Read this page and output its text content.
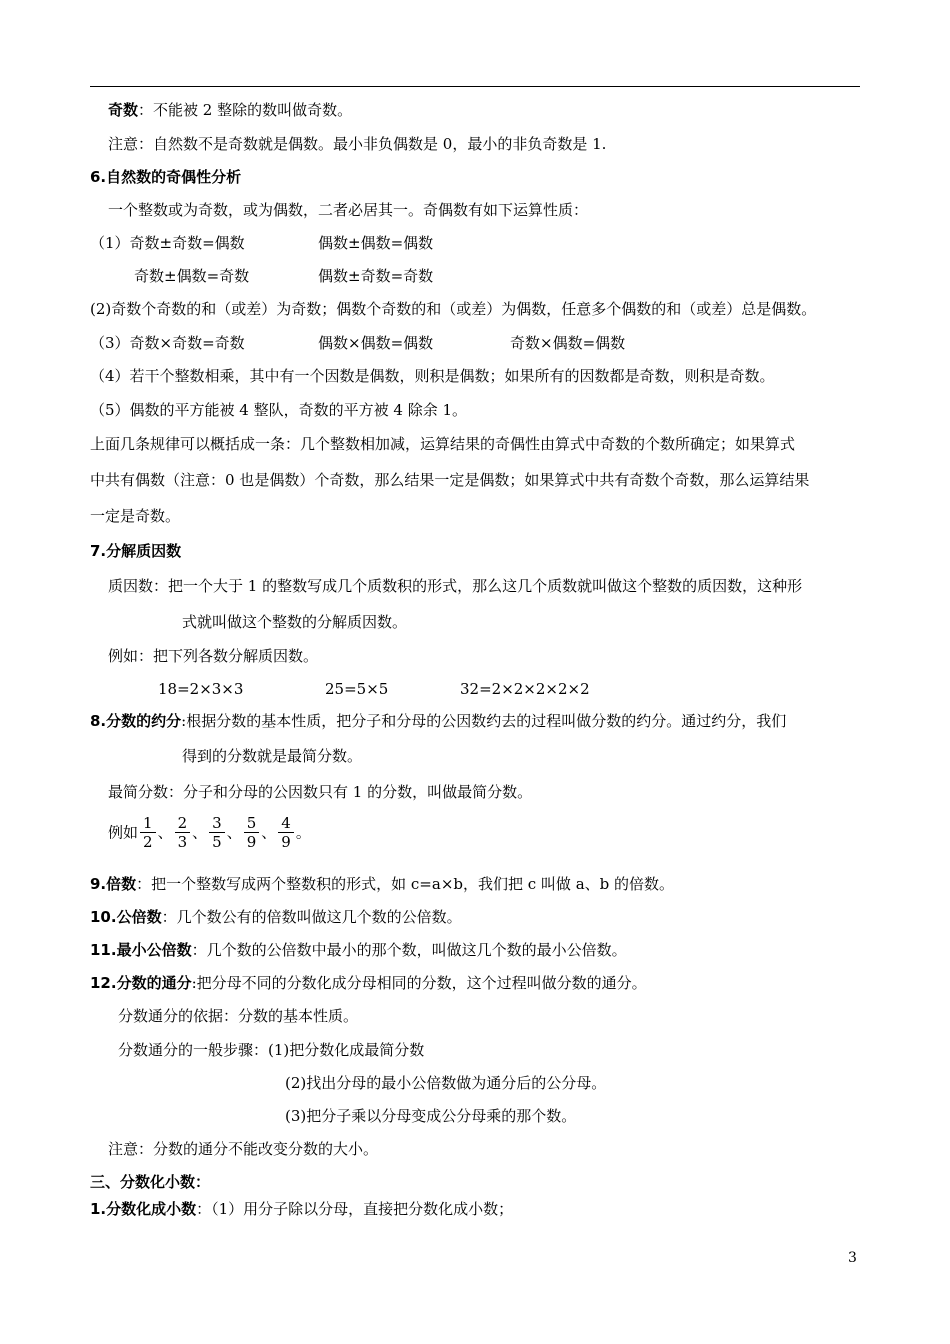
奇数：不能被 2 整除的数叫做奇数。
注意：自然数不是奇数就是偶数。最小非负偶数是 0，最小的非负奇数是 1.
6.自然数的奇偶性分析
一个整数或为奇数，或为偶数，二者必居其一。奇偶数有如下运算性质：
（1）奇数±奇数=偶数	偶数±偶数=偶数
奇数±偶数=奇数	偶数±奇数=奇数
(2)奇数个奇数的和（或差）为奇数；偶数个奇数的和（或差）为偶数，任意多个偶数的和（或差）总是偶数。
（3）奇数×奇数=奇数	偶数×偶数=偶数	奇数×偶数=偶数
（4）若干个整数相乘，其中有一个因数是偶数，则积是偶数；如果所有的因数都是奇数，则积是奇数。
（5）偶数的平方能被 4 整队，奇数的平方被 4 除余 1。
上面几条规律可以概括成一条：几个整数相加减，运算结果的奇偶性由算式中奇数的个数所确定；如果算式
中共有偶数（注意：0 也是偶数）个奇数，那么结果一定是偶数；如果算式中共有奇数个奇数，那么运算结果
一定是奇数。
7.分解质因数
质因数：把一个大于 1 的整数写成几个质数积的形式，那么这几个质数就叫做这个整数的质因数，这种形
式就叫做这个整数的分解质因数。
例如：把下列各数分解质因数。
18=2×3×3	25=5×5	32=2×2×2×2×2
8.分数的约分:根据分数的基本性质，把分子和分母的公因数约去的过程叫做分数的约分。通过约分，我们
得到的分数就是最简分数。
最简分数：分子和分母的公因数只有 1 的分数，叫做最简分数。
例如 $\frac{1}{2}$ 、 $\frac{2}{3}$ 、 $\frac{3}{5}$ 、 $\frac{5}{9}$ 、 $\frac{4}{9}$ 。
9.倍数：把一个整数写成两个整数积的形式，如 c=a×b，我们把 c 叫做 a、b 的倍数。
10.公倍数：几个数公有的倍数叫做这几个数的公倍数。
11.最小公倍数：几个数的公倍数中最小的那个数，叫做这几个数的最小公倍数。
12.分数的通分:把分母不同的分数化成分母相同的分数，这个过程叫做分数的通分。
分数通分的依据：分数的基本性质。
分数通分的一般步骤：(1)把分数化成最简分数
(2)找出分母的最小公倍数做为通分后的公分母。
(3)把分子乘以分母变成公分母乘的那个数。
注意：分数的通分不能改变分数的大小。
三、分数化小数：
1.分数化成小数：（1）用分子除以分母，直接把分数化成小数；
3
